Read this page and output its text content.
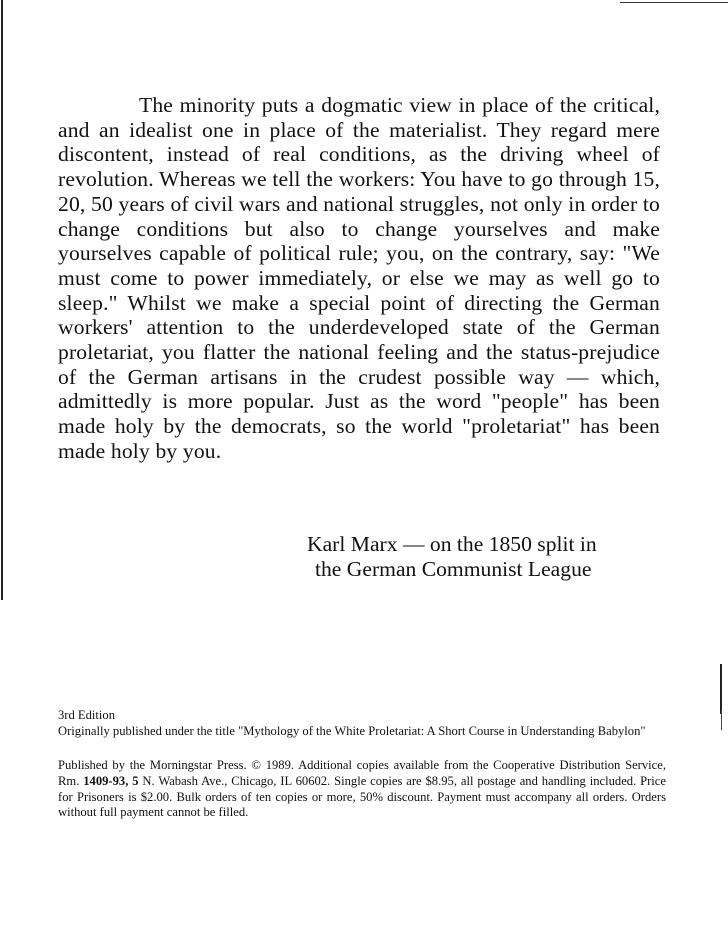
The minority puts a dogmatic view in place of the critical, and an idealist one in place of the materialist. They regard mere discontent, instead of real conditions, as the driving wheel of revolution. Whereas we tell the workers: You have to go through 15, 20, 50 years of civil wars and national struggles, not only in order to change conditions but also to change yourselves and make yourselves capable of political rule; you, on the contrary, say: "We must come to power immediately, or else we may as well go to sleep." Whilst we make a special point of directing the German workers' attention to the underdeveloped state of the German proletariat, you flatter the national feeling and the status-prejudice of the German artisans in the crudest possible way — which, admittedly is more popular. Just as the word "people" has been made holy by the democrats, so the world "proletariat" has been made holy by you.

Karl Marx — on the 1850 split in
the German Communist League

3rd Edition
Originally published under the title "Mythology of the White Proletariat: A Short Course in Understanding Babylon"

Published by the Morningstar Press. © 1989. Additional copies available from the Cooperative Distribution Service, Rm. 1409-93, 5 N. Wabash Ave., Chicago, IL 60602. Single copies are $8.95, all postage and handling included. Price for Prisoners is $2.00. Bulk orders of ten copies or more, 50% discount. Payment must accompany all orders. Orders without full payment cannot be filled.
